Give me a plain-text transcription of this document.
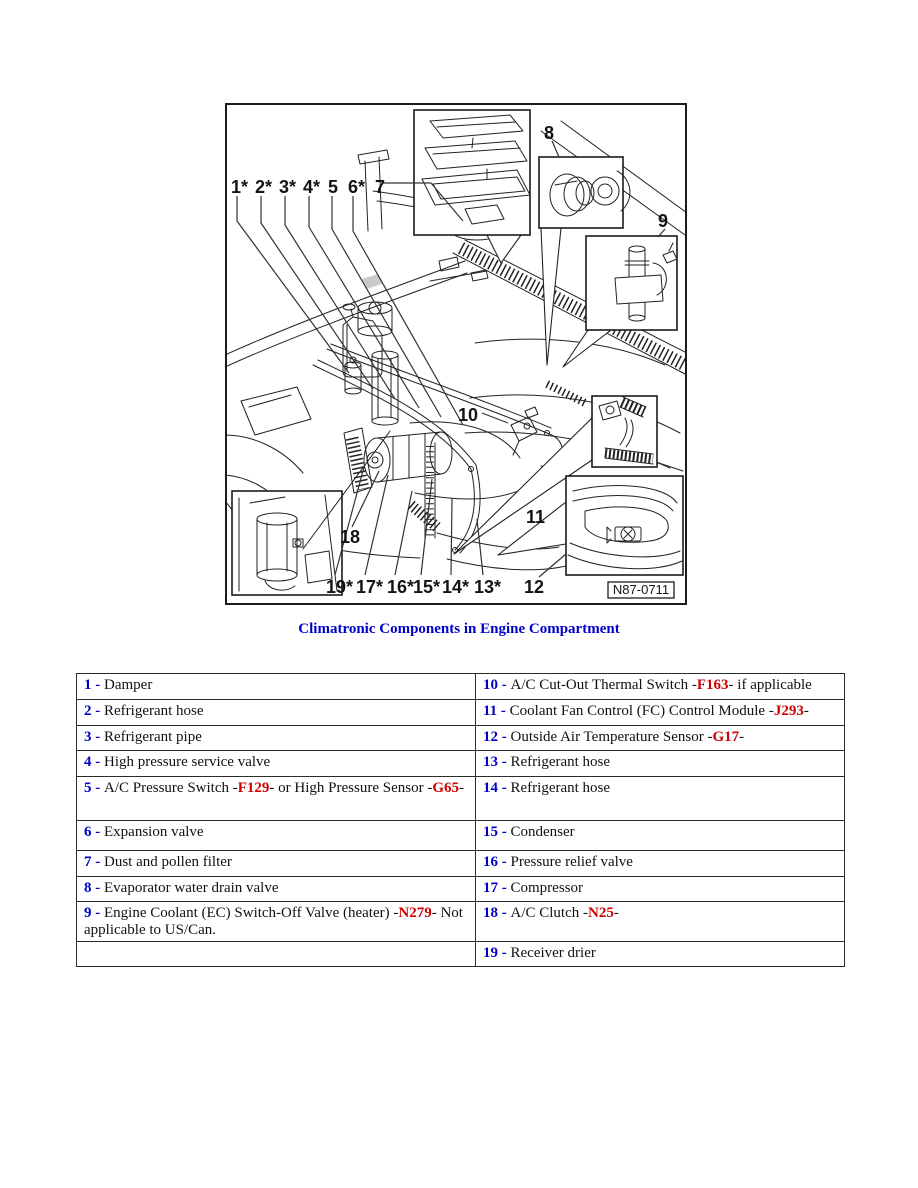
1* 2* 3* 4* 5 6* 7
8
9
10
11
18
12
19* 17* 16*
15* 14* 13*	N87-0711
Climatronic Components in Engine Compartment
1 - Damper	10 - A/C Cut-Out Thermal Switch -F163- if applicable
2 - Refrigerant hose	11 - Coolant Fan Control (FC) Control Module -J293-
3 - Refrigerant pipe	12 - Outside Air Temperature Sensor -G17-
4 - High pressure service valve	13 - Refrigerant hose
5 - A/C Pressure Switch -F129- or High Pressure Sensor -G65-	14 - Refrigerant hose
6 - Expansion valve	15 - Condenser
7 - Dust and pollen filter	16 - Pressure relief valve
8 - Evaporator water drain valve	17 - Compressor
9 - Engine Coolant (EC) Switch-Off Valve (heater) -N279- Not applicable to US/Can.	18 - A/C Clutch -N25-
	19 - Receiver drier
